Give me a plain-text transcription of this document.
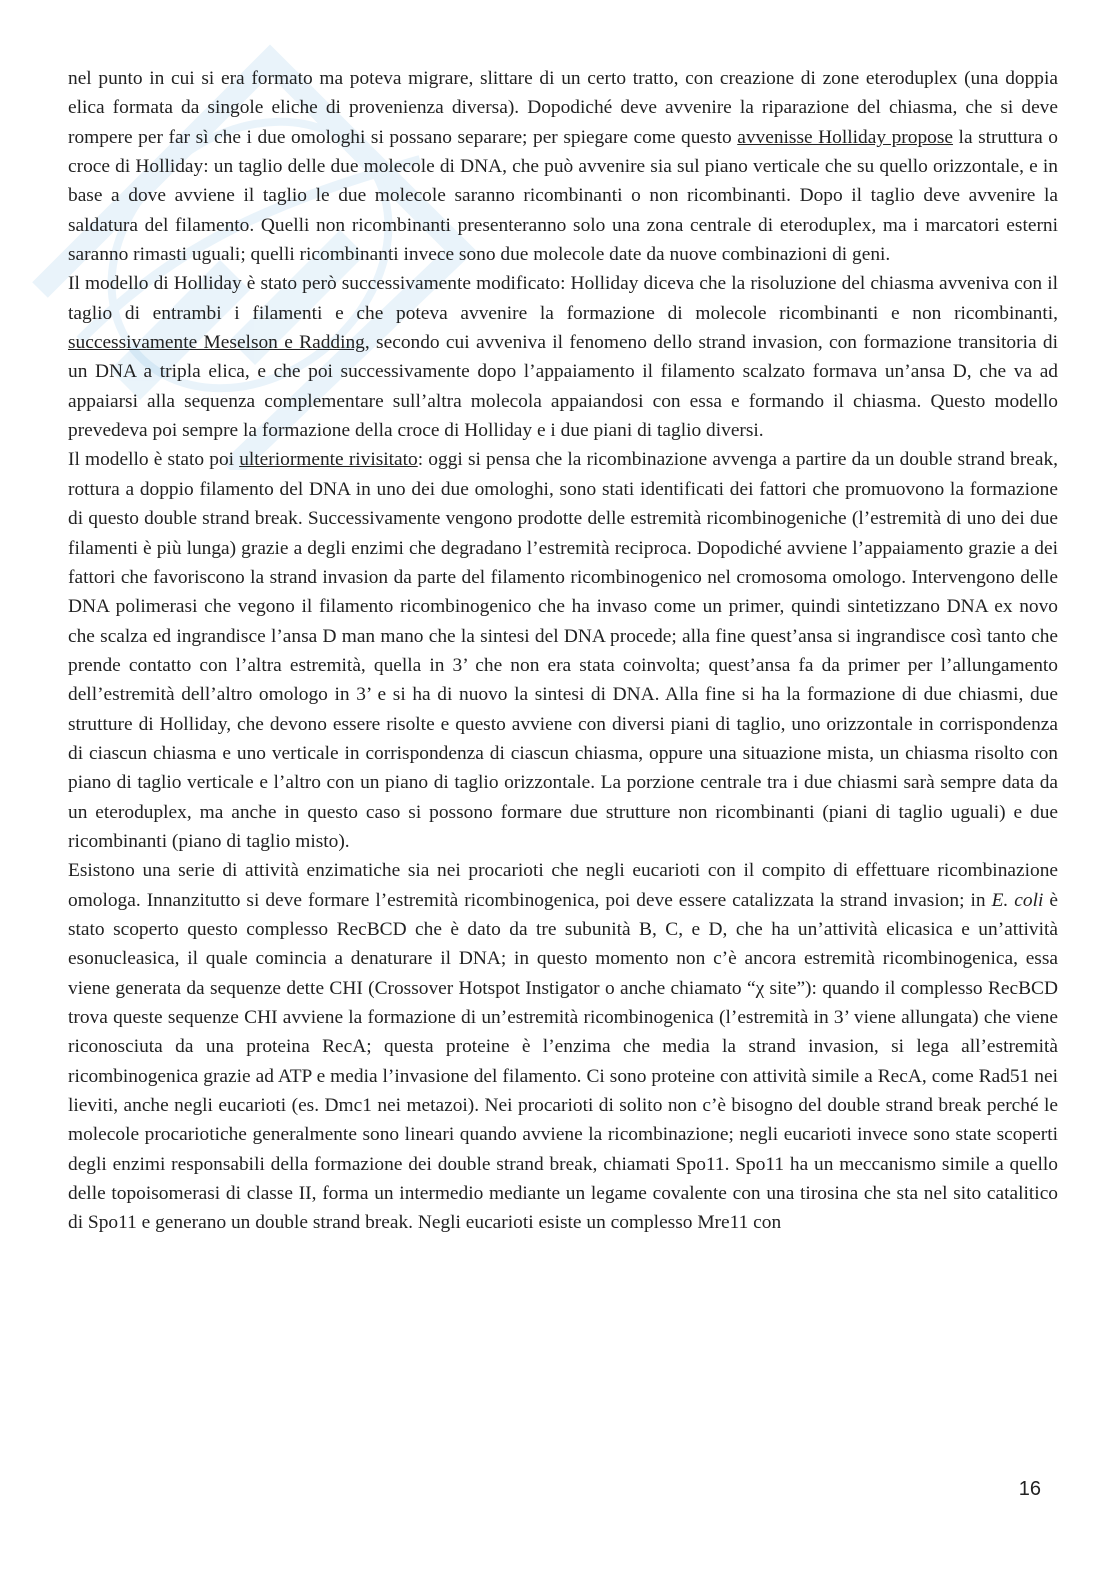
nel punto in cui si era formato ma poteva migrare, slittare di un certo tratto, con creazione di zone eteroduplex (una doppia elica formata da singole eliche di provenienza diversa). Dopodiché deve avvenire la riparazione del chiasma, che si deve rompere per far sì che i due omologhi si possano separare; per spiegare come questo avvenisse Holliday propose la struttura o croce di Holliday: un taglio delle due molecole di DNA, che può avvenire sia sul piano verticale che su quello orizzontale, e in base a dove avviene il taglio le due molecole saranno ricombinanti o non ricombinanti. Dopo il taglio deve avvenire la saldatura del filamento. Quelli non ricombinanti presenteranno solo una zona centrale di eteroduplex, ma i marcatori esterni saranno rimasti uguali; quelli ricombinanti invece sono due molecole date da nuove combinazioni di geni.

Il modello di Holliday è stato però successivamente modificato: Holliday diceva che la risoluzione del chiasma avveniva con il taglio di entrambi i filamenti e che poteva avvenire la formazione di molecole ricombinanti e non ricombinanti, successivamente Meselson e Radding, secondo cui avveniva il fenomeno dello strand invasion, con formazione transitoria di un DNA a tripla elica, e che poi successivamente dopo l’appaiamento il filamento scalzato formava un’ansa D, che va ad appaiarsi alla sequenza complementare sull’altra molecola appaiandosi con essa e formando il chiasma. Questo modello prevedeva poi sempre la formazione della croce di Holliday e i due piani di taglio diversi.

Il modello è stato poi ulteriormente rivisitato: oggi si pensa che la ricombinazione avvenga a partire da un double strand break, rottura a doppio filamento del DNA in uno dei due omologhi, sono stati identificati dei fattori che promuovono la formazione di questo double strand break. Successivamente vengono prodotte delle estremità ricombinogeniche (l’estremità di uno dei due filamenti è più lunga) grazie a degli enzimi che degradano l’estremità reciproca. Dopodiché avviene l’appaiamento grazie a dei fattori che favoriscono la strand invasion da parte del filamento ricombinogenico nel cromosoma omologo. Intervengono delle DNA polimerasi che vegono il filamento ricombinogenico che ha invaso come un primer, quindi sintetizzano DNA ex novo che scalza ed ingrandisce l’ansa D man mano che la sintesi del DNA procede; alla fine quest’ansa si ingrandisce così tanto che prende contatto con l’altra estremità, quella in 3’ che non era stata coinvolta; quest’ansa fa da primer per l’allungamento dell’estremità dell’altro omologo in 3’ e si ha di nuovo la sintesi di DNA. Alla fine si ha la formazione di due chiasmi, due strutture di Holliday, che devono essere risolte e questo avviene con diversi piani di taglio, uno orizzontale in corrispondenza di ciascun chiasma e uno verticale in corrispondenza di ciascun chiasma, oppure una situazione mista, un chiasma risolto con piano di taglio verticale e l’altro con un piano di taglio orizzontale. La porzione centrale tra i due chiasmi sarà sempre data da un eteroduplex, ma anche in questo caso si possono formare due strutture non ricombinanti (piani di taglio uguali) e due ricombinanti (piano di taglio misto).

Esistono una serie di attività enzimatiche sia nei procarioti che negli eucarioti con il compito di effettuare ricombinazione omologa. Innanzitutto si deve formare l’estremità ricombinogenica, poi deve essere catalizzata la strand invasion; in E. coli è stato scoperto questo complesso RecBCD che è dato da tre subunità B, C, e D, che ha un’attività elicasica e un’attività esonucleasica, il quale comincia a denaturare il DNA; in questo momento non c’è ancora estremità ricombinogenica, essa viene generata da sequenze dette CHI (Crossover Hotspot Instigator o anche chiamato “χ site”): quando il complesso RecBCD trova queste sequenze CHI avviene la formazione di un’estremità ricombinogenica (l’estremità in 3’ viene allungata) che viene riconosciuta da una proteina RecA; questa proteine è l’enzima che media la strand invasion, si lega all’estremità ricombinogenica grazie ad ATP e media l’invasione del filamento. Ci sono proteine con attività simile a RecA, come Rad51 nei lieviti, anche negli eucarioti (es. Dmc1 nei metazoi). Nei procarioti di solito non c’è bisogno del double strand break perché le molecole procariotiche generalmente sono lineari quando avviene la ricombinazione; negli eucarioti invece sono state scoperti degli enzimi responsabili della formazione dei double strand break, chiamati Spo11. Spo11 ha un meccanismo simile a quello delle topoisomerasi di classe II, forma un intermedio mediante un legame covalente con una tirosina che sta nel sito catalitico di Spo11 e generano un double strand break. Negli eucarioti esiste un complesso Mre11 con

16
